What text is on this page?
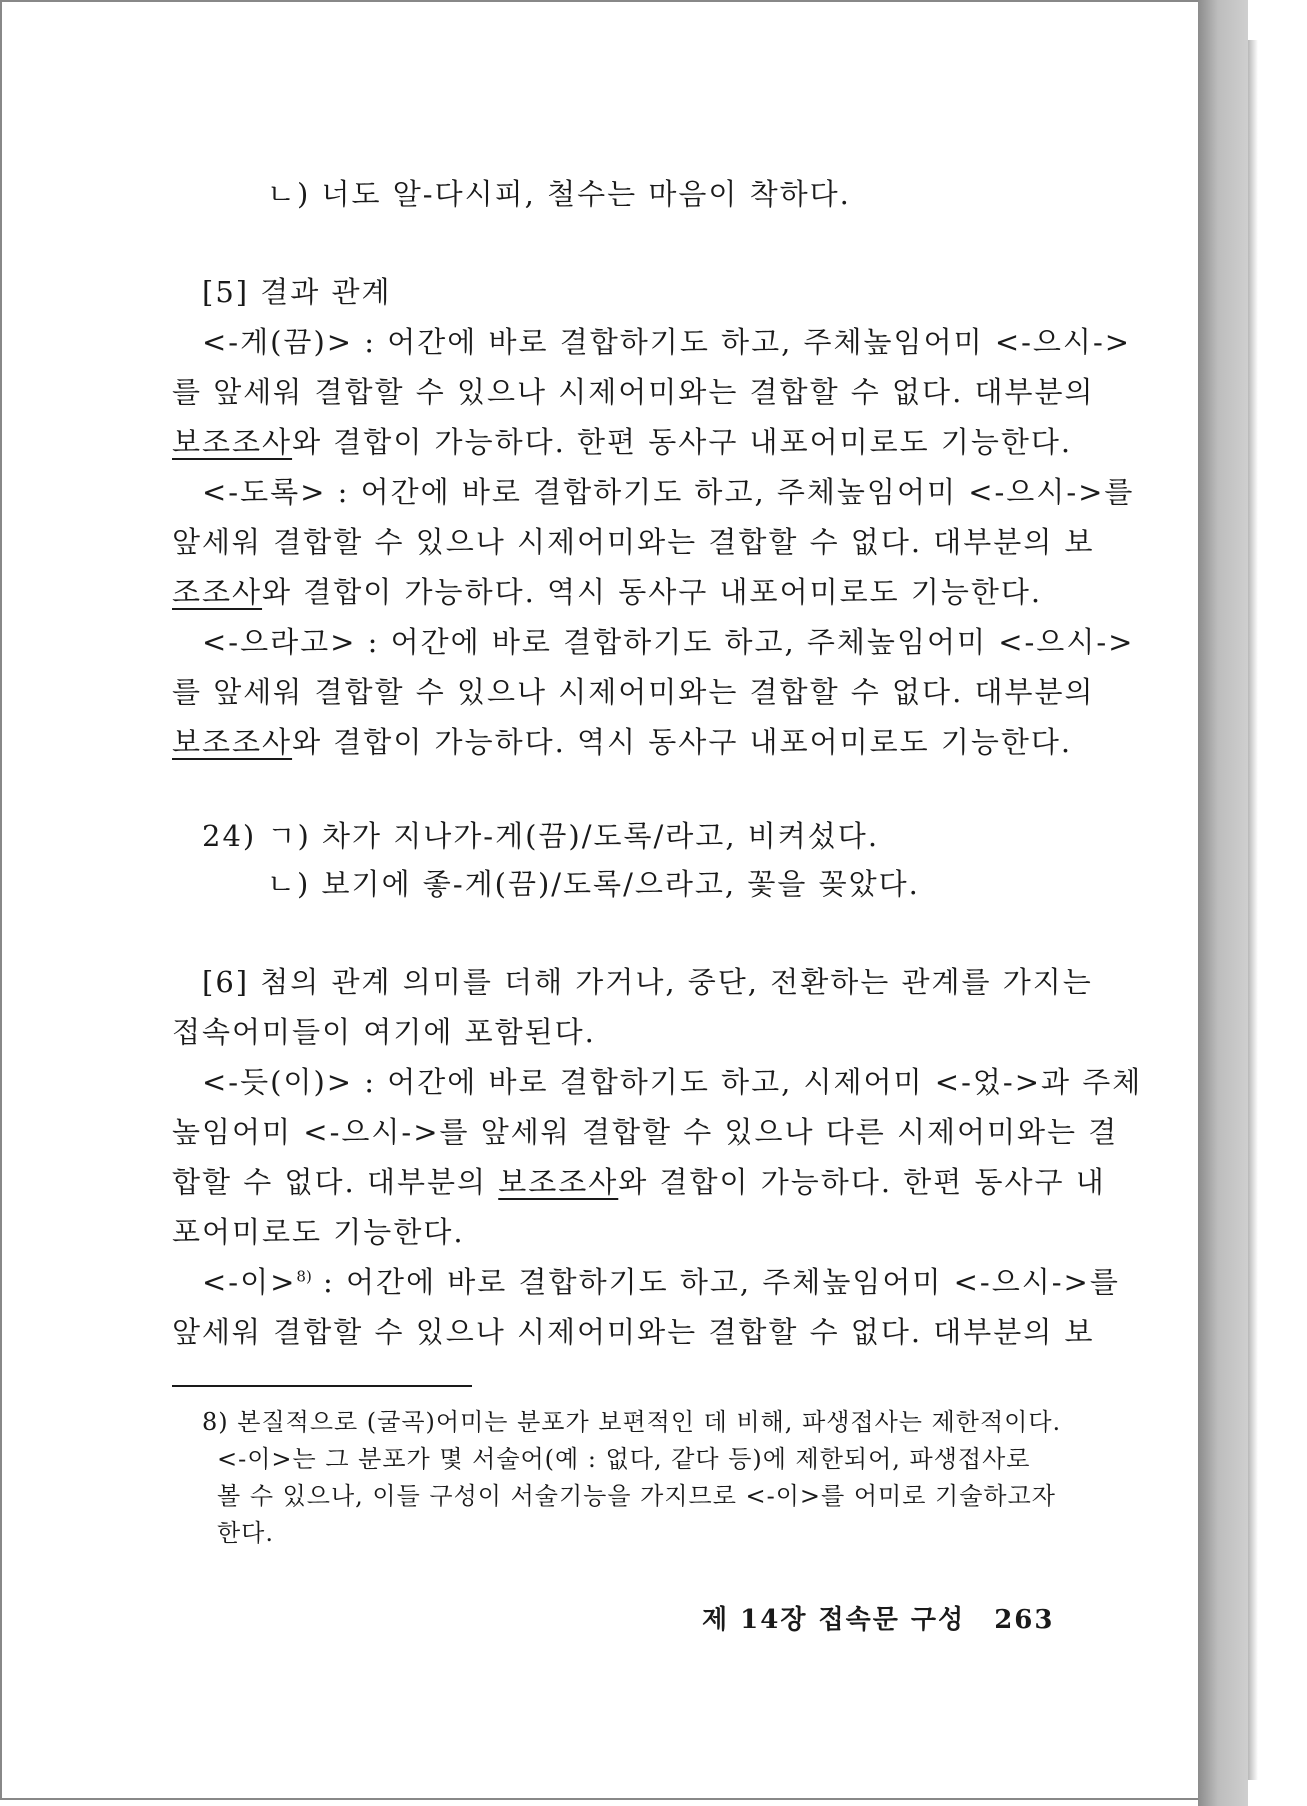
ㄴ) 너도 알-다시피, 철수는 마음이 착하다.
[5] 결과 관계
<-게(끔)> : 어간에 바로 결합하기도 하고, 주체높임어미 <-으시->
를 앞세워 결합할 수 있으나 시제어미와는 결합할 수 없다. 대부분의
보조조사와 결합이 가능하다. 한편 동사구 내포어미로도 기능한다.
<-도록> : 어간에 바로 결합하기도 하고, 주체높임어미 <-으시->를
앞세워 결합할 수 있으나 시제어미와는 결합할 수 없다. 대부분의 보
조조사와 결합이 가능하다. 역시 동사구 내포어미로도 기능한다.
<-으라고> : 어간에 바로 결합하기도 하고, 주체높임어미 <-으시->
를 앞세워 결합할 수 있으나 시제어미와는 결합할 수 없다. 대부분의
보조조사와 결합이 가능하다. 역시 동사구 내포어미로도 기능한다.
24) ㄱ) 차가 지나가-게(끔)/도록/라고, 비켜섰다.
ㄴ) 보기에 좋-게(끔)/도록/으라고, 꽃을 꽂았다.
[6] 첨의 관계 의미를 더해 가거나, 중단, 전환하는 관계를 가지는
접속어미들이 여기에 포함된다.
<-듯(이)> : 어간에 바로 결합하기도 하고, 시제어미 <-었->과 주체
높임어미 <-으시->를 앞세워 결합할 수 있으나 다른 시제어미와는 결
합할 수 없다. 대부분의 보조조사와 결합이 가능하다. 한편 동사구 내
포어미로도 기능한다.
<-이>$^{8)}$ : 어간에 바로 결합하기도 하고, 주체높임어미 <-으시->를
앞세워 결합할 수 있으나 시제어미와는 결합할 수 없다. 대부분의 보
8) 본질적으로 (굴곡)어미는 분포가 보편적인 데 비해, 파생접사는 제한적이다.
<-이>는 그 분포가 몇 서술어(예 : 없다, 같다 등)에 제한되어, 파생접사로
볼 수 있으나, 이들 구성이 서술기능을 가지므로 <-이>를 어미로 기술하고자
한다.
제 14장 접속문 구성 263
